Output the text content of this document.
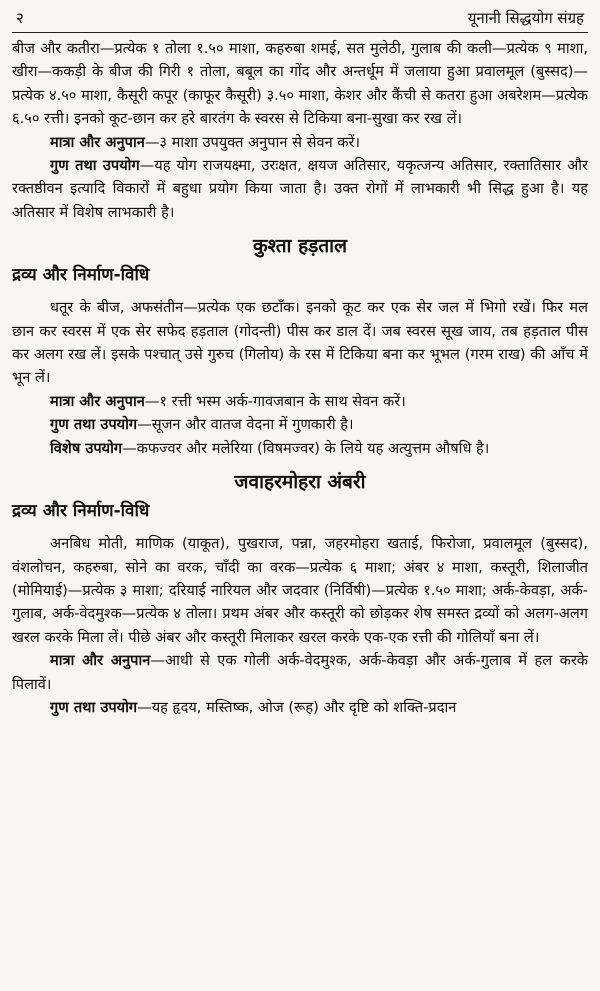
२	यूनानी सिद्धयोग संग्रह

बीज और कतीरा—प्रत्येक १ तोला १.५० माशा, कहरुबा शमई, सत मुलेठी, गुलाब की कली—प्रत्येक ९ माशा, खीरा—ककड़ी के बीज की गिरी १ तोला, बबूल का गोंद और अन्तर्धूम में जलाया हुआ प्रवालमूल (बुस्सद)—प्रत्येक ४.५० माशा, कैसूरी कपूर (काफूर कैसूरी) ३.५० माशा, केशर और कैंची से कतरा हुआ अबरेशम—प्रत्येक ६.५० रत्ती। इनको कूट-छान कर हरे बारतंग के स्वरस से टिकिया बना-सुखा कर रख लें।

मात्रा और अनुपान—३ माशा उपयुक्त अनुपान से सेवन करें।

गुण तथा उपयोग—यह योग राजयक्ष्मा, उरःक्षत, क्षयज अतिसार, यकृत्जन्य अतिसार, रक्तातिसार और रक्तष्ठीवन इत्यादि विकारों में बहुधा प्रयोग किया जाता है। उक्त रोगों में लाभकारी भी सिद्ध हुआ है। यह अतिसार में विशेष लाभकारी है।

कुश्ता हड़ताल
द्रव्य और निर्माण-विधि

धतूर के बीज, अफसंतीन—प्रत्येक एक छटाँक। इनको कूट कर एक सेर जल में भिगो रखें। फिर मल छान कर स्वरस में एक सेर सफेद हड़ताल (गोदन्ती) पीस कर डाल दें। जब स्वरस सूख जाय, तब हड़ताल पीस कर अलग रख लें। इसके पश्चात् उसे गुरुच (गिलोय) के रस में टिकिया बना कर भूभल (गरम राख) की आँच में भून लें।

मात्रा और अनुपान—१ रत्ती भस्म अर्क-गावजबान के साथ सेवन करें।

गुण तथा उपयोग—सूजन और वातज वेदना में गुणकारी है।

विशेष उपयोग—कफज्वर और मलेरिया (विषमज्वर) के लिये यह अत्युत्तम औषधि है।

जवाहरमोहरा अंबरी
द्रव्य और निर्माण-विधि

अनबिध मोती, माणिक (याकूत), पुखराज, पन्ना, जहरमोहरा खताई, फिरोजा, प्रवालमूल (बुस्सद), वंशलोचन, कहरुबा, सोने का वरक, चाँदी का वरक—प्रत्येक ६ माशा; अंबर ४ माशा, कस्तूरी, शिलाजीत (मोमियाई)—प्रत्येक ३ माशा; दरियाई नारियल और जदवार (निर्विषी)—प्रत्येक १.५० माशा; अर्क-केवड़ा, अर्क-गुलाब, अर्क-वेदमुश्क—प्रत्येक ४ तोला। प्रथम अंबर और कस्तूरी को छोड़कर शेष समस्त द्रव्यों को अलग-अलग खरल करके मिला लें। पीछे अंबर और कस्तूरी मिलाकर खरल करके एक-एक रत्ती की गोलियाँ बना लें।

मात्रा और अनुपान—आधी से एक गोली अर्क-वेदमुश्क, अर्क-केवड़ा और अर्क-गुलाब में हल करके पिलावें।

गुण तथा उपयोग—यह हृदय, मस्तिष्क, ओज (रूह) और दृष्टि को शक्ति-प्रदान
